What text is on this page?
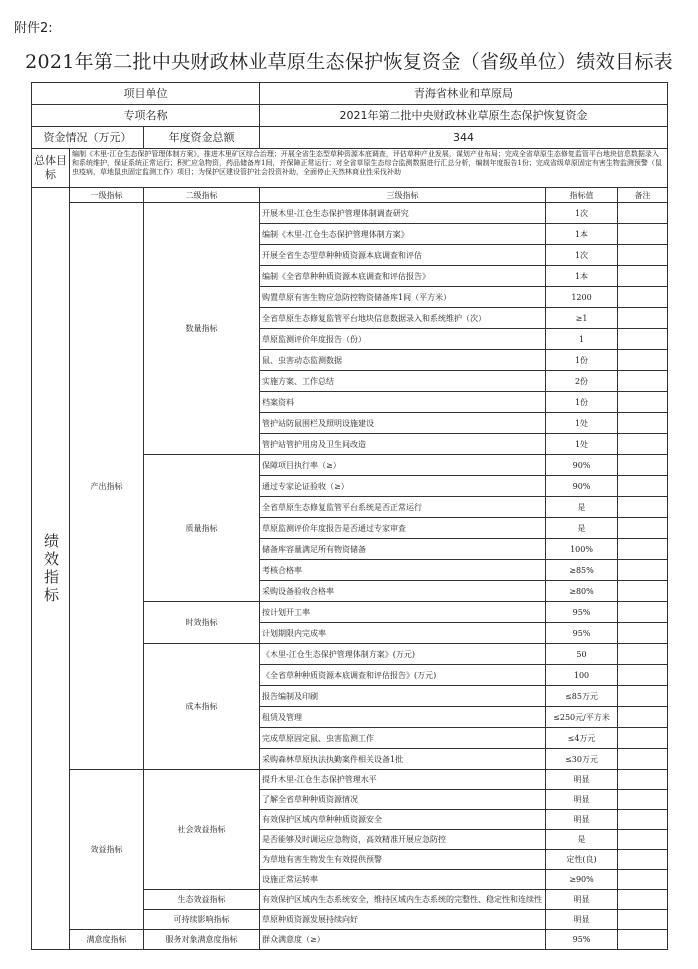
附件2:
2021年第二批中央财政林业草原生态保护恢复资金（省级单位）绩效目标表
项目单位			青海省林业和草原局		
专项名称			2021年第二批中央财政林业草原生态保护恢复资金		
资金情况（万元）		年度资金总额	344		
总体目标	编制《木里-江仓生态保护管理体制方案》，推进木里矿区综合治理；开展全省生态型草种资源本底调查，评估草种产业发展，谋划产业布局；完成全省草原生态修复监管平台地块信息数据录入和系统维护，保证系统正常运行；积贮应急物资，药品储备库1间，并保障正常运行；对全省草原生态综合监测数据进行汇总分析，编制年度报告1份；完成省级草原固定有害生物监测预警（鼠虫疫病，草地鼠虫固定监测工作）项目；为保护区建设管护社会投资补助，全面停止天然林商业性采伐补助				
绩效指标	一级指标	二级指标	三级指标	指标值	备注
	产出指标	数量指标	开展木里-江仓生态保护管理体制调查研究	1次	
			编制《木里-江仓生态保护管理体制方案》	1本	
			开展全省生态型草种种质资源本底调查和评估	1次	
			编制《全省草种种质资源本底调查和评估报告》	1本	
			购置草原有害生物应急防控物资储备库1间（平方米）	1200	
			全省草原生态修复监管平台地块信息数据录入和系统维护（次）	≥1	
			草原监测评价年度报告（份）	1	
			鼠、虫害动态监测数据	1份	
			实施方案、工作总结	2份	
			档案资料	1份	
			管护站防鼠围栏及照明设施建设	1处	
			管护站管护用房及卫生间改造	1处	
		质量指标	保障项目执行率（≥）	90%	
			通过专家论证验收（≥）	90%	
			全省草原生态修复监管平台系统是否正常运行	是	
			草原监测评价年度报告是否通过专家审查	是	
			储备库容量满足所有物资储备	100%	
			考核合格率	≥85%	
			采购设备验收合格率	≥80%	
		时效指标	按计划开工率	95%	
			计划期限内完成率	95%	
		成本指标	《木里-江仓生态保护管理体制方案》(万元)	50	
			《全省草种种质资源本底调查和评估报告》(万元)	100	
			报告编制及印刷	≤85万元	
			租赁及管理	≤250元/平方米	
			完成草原固定鼠、虫害监测工作	≤4万元	
			采购森林草原执法执勤案件相关设备1批	≤30万元	
	效益指标	社会效益指标	提升木里-江仓生态保护管理水平	明显	
			了解全省草种种质资源情况	明显	
			有效保护区域内草种种质资源安全	明显	
			是否能够及时调运应急物资，高效精准开展应急防控	是	
			为草地有害生物发生有效提供预警	定性(良)	
			设施正常运转率	≥90%	
		生态效益指标	有效保护区域内生态系统安全，维持区域内生态系统的完整性、稳定性和连续性	明显	
		可持续影响指标	草原种质资源发展持续向好	明显	
	满意度指标	服务对象满意度指标	群众满意度（≥）	95%	
